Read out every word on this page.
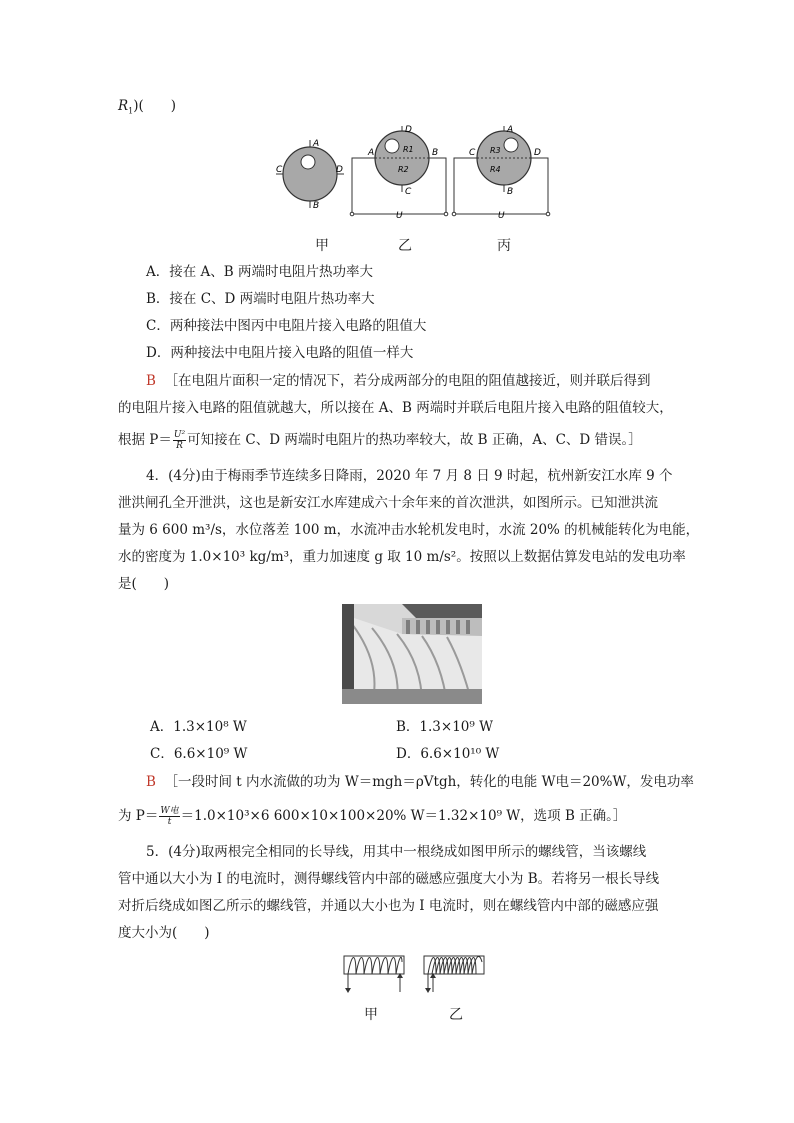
$R_1$)(　　)
A
B
C	D
D
A	B
R1
R2
C
U
A
C	D
R3
R4
B
U
甲	乙	丙
A．接在 A、B 两端时电阻片热功率大
B．接在 C、D 两端时电阻片热功率大
C．两种接法中图丙中电阻片接入电路的阻值大
D．两种接法中电阻片接入电路的阻值一样大
B ［在电阻片面积一定的情况下，若分成两部分的电阻的阻值越接近，则并联后得到
的电阻片接入电路的阻值就越大，所以接在 A、B 两端时并联后电阻片接入电路的阻值较大，
根据 $P= \frac{\text{U²}}{R}$ 可知接在 C、D 两端时电阻片的热功率较大，故 B 正确，A、C、D 错误。］
4．(4分)由于梅雨季节连续多日降雨，2020 年 7 月 8 日 9 时起，杭州新安江水库 9 个
泄洪闸孔全开泄洪，这也是新安江水库建成六十余年来的首次泄洪，如图所示。已知泄洪流
量为 6 600 m³/s，水位落差 100 m，水流冲击水轮机发电时，水流 20% 的机械能转化为电能，
水的密度为 1.0×10³ kg/m³，重力加速度 g 取 10 m/s²。按照以上数据估算发电站的发电功率
是(　　)
A．1.3×10⁸ W	B．1.3×10⁹ W
C．6.6×10⁹ W	D．6.6×10¹⁰ W
B ［一段时间 t 内水流做的功为 W＝mgh＝ρVtgh，转化的电能 W电＝20%W，发电功率
为 $P= \frac{\text{W电}}{t} =1.0\times 10^3\times 6$ 600×10×100×20% W＝1.32×10⁹ W，选项 B 正确。］
5．(4分)取两根完全相同的长导线，用其中一根绕成如图甲所示的螺线管，当该螺线
管中通以大小为 I 的电流时，测得螺线管内中部的磁感应强度大小为 B。若将另一根长导线
对折后绕成如图乙所示的螺线管，并通以大小也为 I 电流时，则在螺线管内中部的磁感应强
度大小为(　　)
甲	乙
